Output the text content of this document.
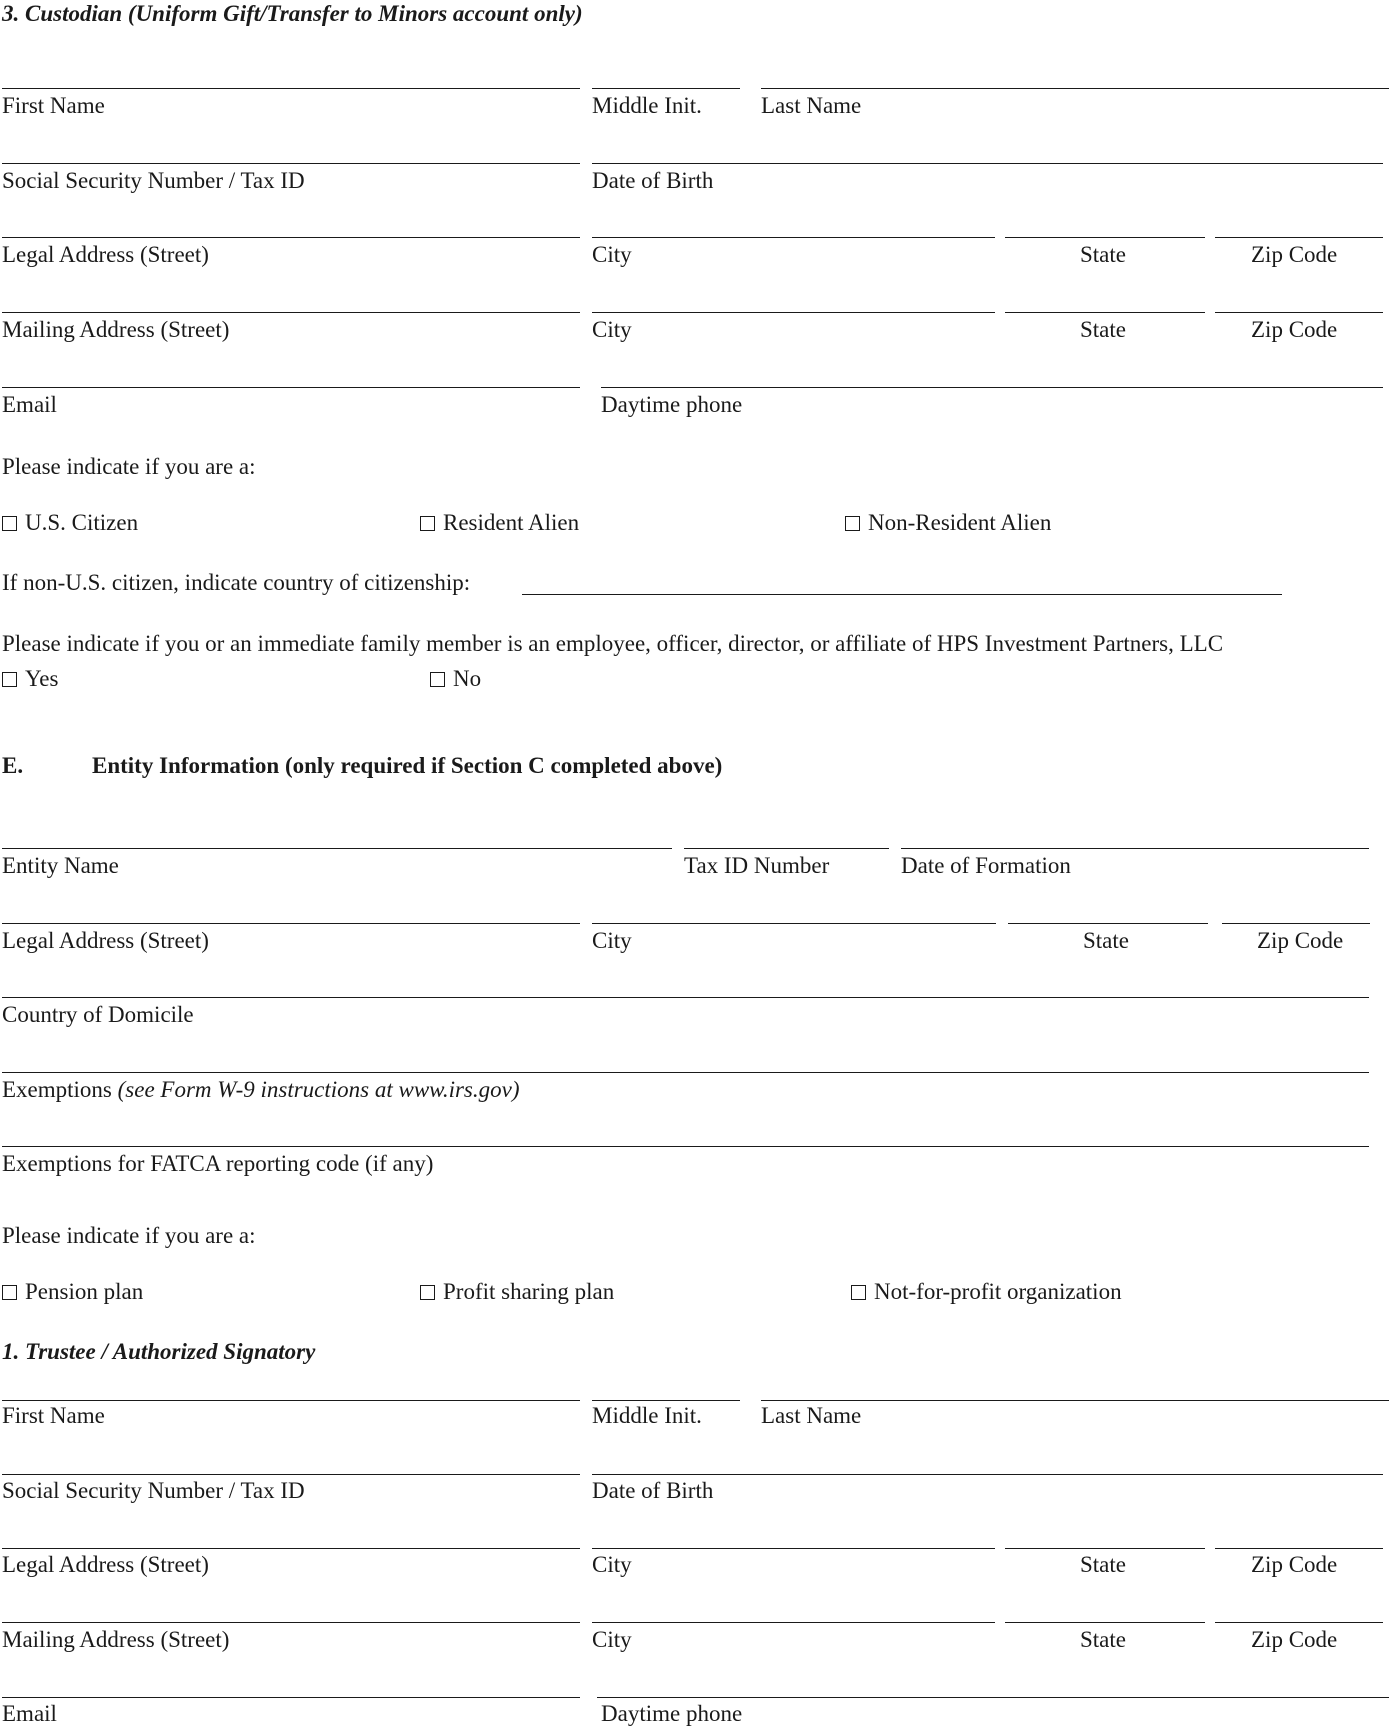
3. Custodian (Uniform Gift/Transfer to Minors account only)
First Name	Middle Init.	Last Name
Social Security Number / Tax ID	Date of Birth
Legal Address (Street)	City	State	Zip Code
Mailing Address (Street)	City	State	Zip Code
Email	Daytime phone
Please indicate if you are a:
U.S. Citizen	Resident Alien	Non-Resident Alien
If non-U.S. citizen, indicate country of citizenship:
Please indicate if you or an immediate family member is an employee, officer, director, or affiliate of HPS Investment Partners, LLC
Yes	No
E.	Entity Information (only required if Section C completed above)
Entity Name	Tax ID Number	Date of Formation
Legal Address (Street)	City	State	Zip Code
Country of Domicile
Exemptions (see Form W-9 instructions at www.irs.gov)
Exemptions for FATCA reporting code (if any)
Please indicate if you are a:
Pension plan	Profit sharing plan	Not-for-profit organization
1. Trustee / Authorized Signatory
First Name	Middle Init.	Last Name
Social Security Number / Tax ID	Date of Birth
Legal Address (Street)	City	State	Zip Code
Mailing Address (Street)	City	State	Zip Code
Email	Daytime phone
